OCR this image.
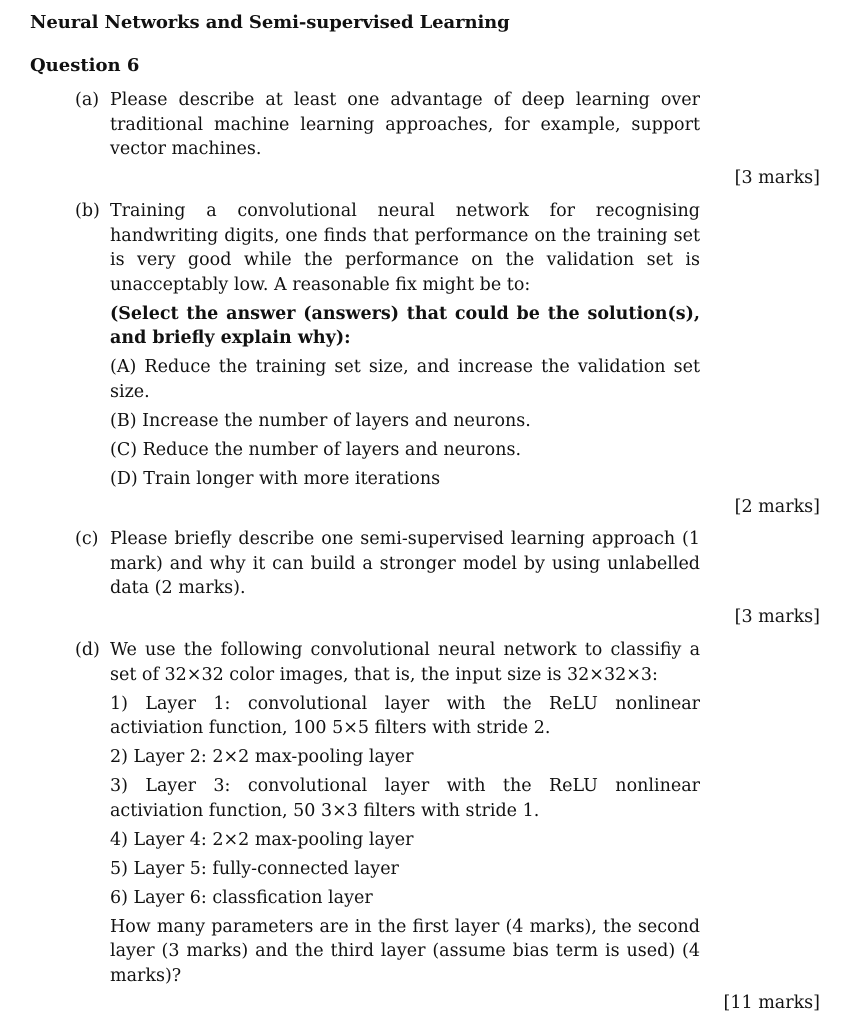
Neural Networks and Semi-supervised Learning
Question 6
(a) Please describe at least one advantage of deep learning over traditional machine learning approaches, for example, support vector machines.

[3 marks]
(b) Training a convolutional neural network for recognising handwriting digits, one finds that performance on the training set is very good while the performance on the validation set is unacceptably low. A reasonable fix might be to:

(Select the answer (answers) that could be the solution(s), and briefly explain why):

(A) Reduce the training set size, and increase the validation set size.

(B) Increase the number of layers and neurons.

(C) Reduce the number of layers and neurons.

(D) Train longer with more iterations

[2 marks]
(c) Please briefly describe one semi-supervised learning approach (1 mark) and why it can build a stronger model by using unlabelled data (2 marks).

[3 marks]
(d) We use the following convolutional neural network to classifiy a set of 32×32 color images, that is, the input size is 32×32×3:

1) Layer 1: convolutional layer with the ReLU nonlinear activiation function, 100 5×5 filters with stride 2.

2) Layer 2: 2×2 max-pooling layer

3) Layer 3: convolutional layer with the ReLU nonlinear activiation function, 50 3×3 filters with stride 1.

4) Layer 4: 2×2 max-pooling layer

5) Layer 5: fully-connected layer

6) Layer 6: classfication layer

How many parameters are in the first layer (4 marks), the second layer (3 marks) and the third layer (assume bias term is used) (4 marks)?

[11 marks]
